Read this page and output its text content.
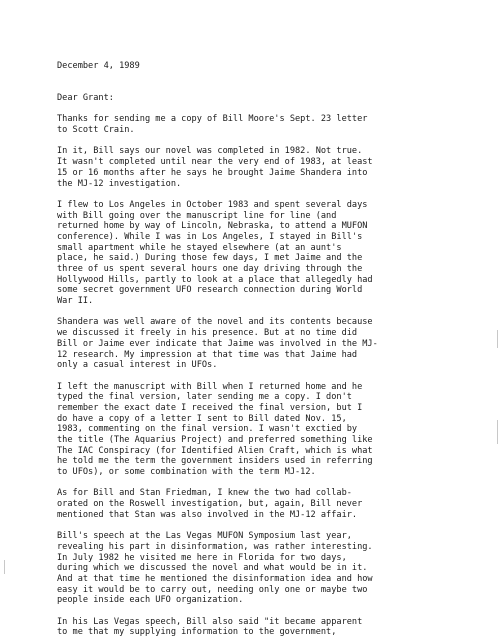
December 4, 1989
Dear Grant:
Thanks for sending me a copy of Bill Moore's Sept. 23 letter
to Scott Crain.
In it, Bill says our novel was completed in 1982. Not true.
It wasn't completed until near the very end of 1983, at least
15 or 16 months after he says he brought Jaime Shandera into
the MJ-12 investigation.
I flew to Los Angeles in October 1983 and spent several days
with Bill going over the manuscript line for line (and
returned home by way of Lincoln, Nebraska, to attend a MUFON
conference). While I was in Los Angeles, I stayed in Bill's
small apartment while he stayed elsewhere (at an aunt's
place, he said.) During those few days, I met Jaime and the
three of us spent several hours one day driving through the
Hollywood Hills, partly to look at a place that allegedly had
some secret government UFO research connection during World
War II.
Shandera was well aware of the novel and its contents because
we discussed it freely in his presence. But at no time did
Bill or Jaime ever indicate that Jaime was involved in the MJ-
12 research. My impression at that time was that Jaime had
only a casual interest in UFOs.
I left the manuscript with Bill when I returned home and he
typed the final version, later sending me a copy. I don't
remember the exact date I received the final version, but I
do have a copy of a letter I sent to Bill dated Nov. 15,
1983, commenting on the final version. I wasn't exctied by
the title (The Aquarius Project) and preferred something like
The IAC Conspiracy (for Identified Alien Craft, which is what
he told me the term the government insiders used in referring
to UFOs), or some combination with the term MJ-12.
As for Bill and Stan Friedman, I knew the two had collab-
orated on the Roswell investigation, but, again, Bill never
mentioned that Stan was also involved in the MJ-12 affair.
Bill's speech at the Las Vegas MUFON Symposium last year,
revealing his part in disinformation, was rather interesting.
In July 1982 he visited me here in Florida for two days,
during which we discussed the novel and what would be in it.
And at that time he mentioned the disinformation idea and how
easy it would be to carry out, needing only one or maybe two
people inside each UFO organization.
In his Las Vegas speech, Bill also said "it became apparent
to me that my supplying information to the government,
